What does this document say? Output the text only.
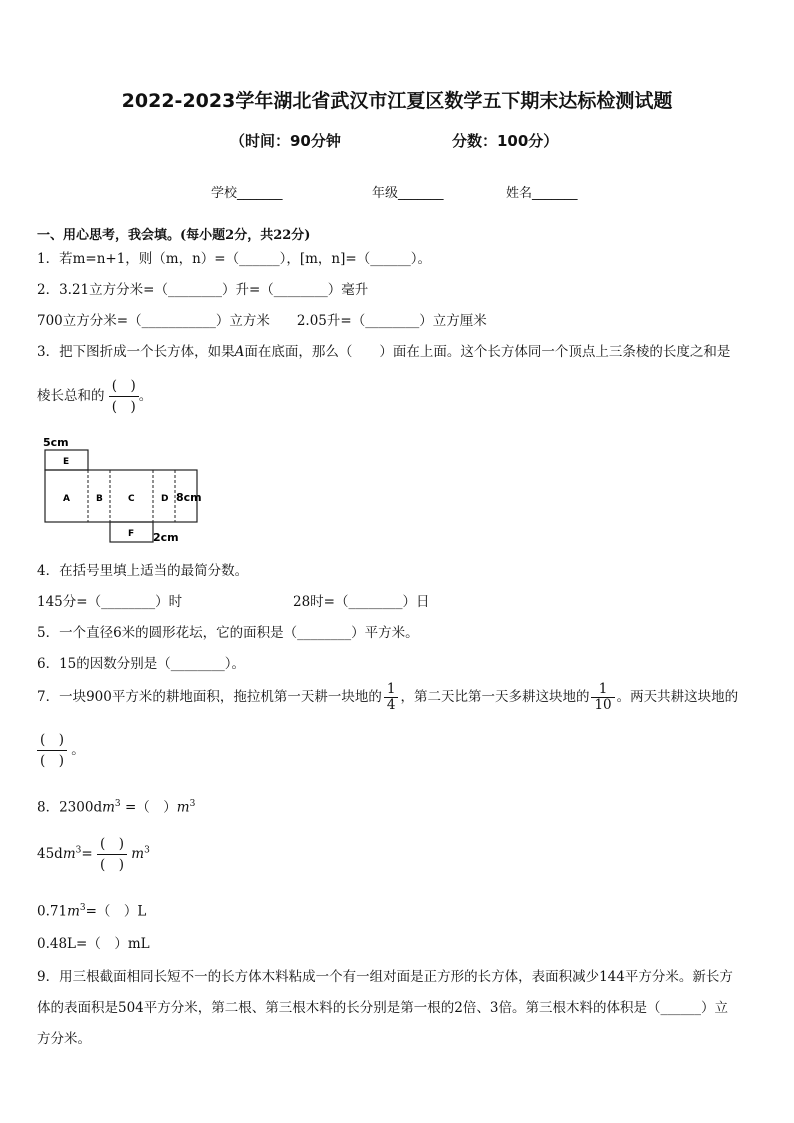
2022-2023学年湖北省武汉市江夏区数学五下期末达标检测试题
（时间：90分钟	分数：100分）
学校_______	年级_______	姓名_______
一、用心思考，我会填。(每小题2分，共22分)
1．若m=n+1，则（m，n）=（______），[m，n]=（______）。
2．3.21立方分米=（________）升=（________）毫升
700立方分米=（___________）立方米　　2.05升=（________）立方厘米
3．把下图折成一个长方体，如果A面在底面，那么（　　）面在上面。这个长方体同一个顶点上三条棱的长度之和是
棱长总和的
(　)
(　)
。
5cm
E
A	B	C	D
F
8cm
2cm
4．在括号里填上适当的最简分数。
145分=（________）时	28时=（________）日
5．一个直径6米的圆形花坛，它的面积是（________）平方米。
6．15的因数分别是（________）。
7．一块900平方米的耕地面积，拖拉机第一天耕一块地的 $\frac{1}{4}$ ，第二天比第一天多耕这块地的 $\frac{1}{10}$ 。两天共耕这块地的
(　)
(　)
。
8．$2300dm^3$ =（　）$m^3$
$45dm^3=$
(　)
(　)
$m^3$
$0.71m^3=$（　）L
0.48L=（　）mL
9．用三根截面相同长短不一的长方体木料粘成一个有一组对面是正方形的长方体，表面积减少144平方分米。新长方
体的表面积是504平方分米，第二根、第三根木料的长分别是第一根的2倍、3倍。第三根木料的体积是（______）立
方分米。
